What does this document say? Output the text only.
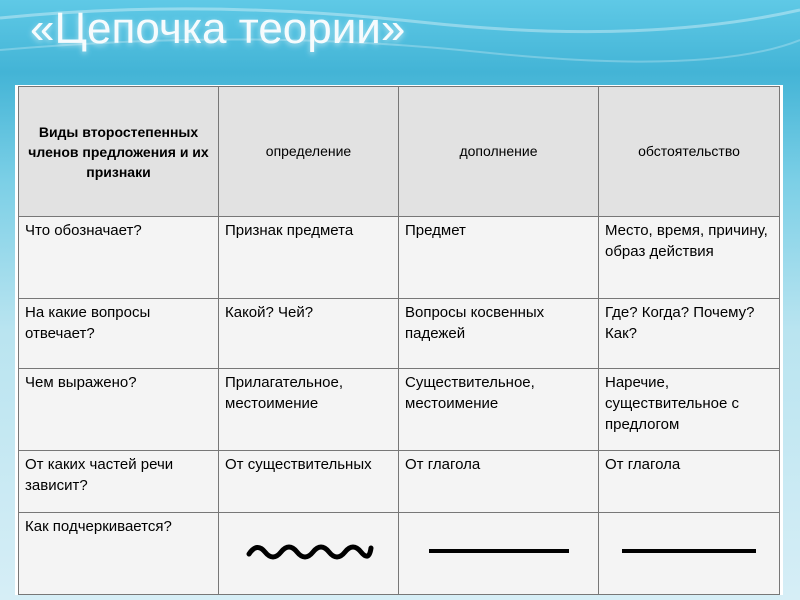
«Цепочка теории»
Виды второстепенных членов предложения и их признаки	определение	дополнение	обстоятельство
Что обозначает?	Признак предмета	Предмет	Место, время, причину, образ действия
На какие вопросы отвечает?	Какой? Чей?	Вопросы косвенных падежей	Где? Когда? Почему? Как?
Чем выражено?	Прилагательное, местоимение	Существительное, местоимение	Наречие, существительное с предлогом
От каких частей речи зависит?	От существительных	От глагола	От глагола
Как подчеркивается?			
